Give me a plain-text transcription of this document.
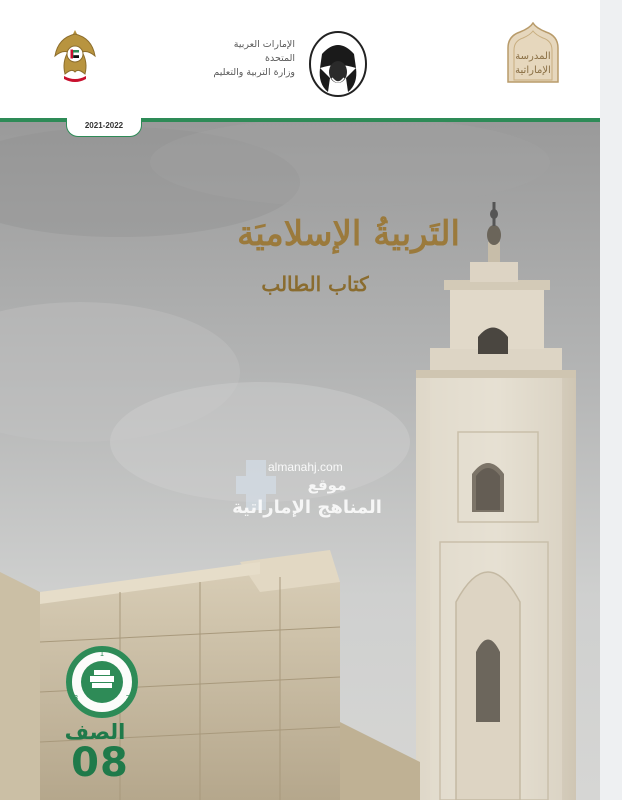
المدرسة
الإماراتية
الإمارات العربية المتحدة
وزارة التربية والتعليم
1
2
3
التَربيةُ الإسلاميَة
كتاب الطالب
almanahj.com
موقع
المناهج الإماراتية
الصف
08
2021-2022
